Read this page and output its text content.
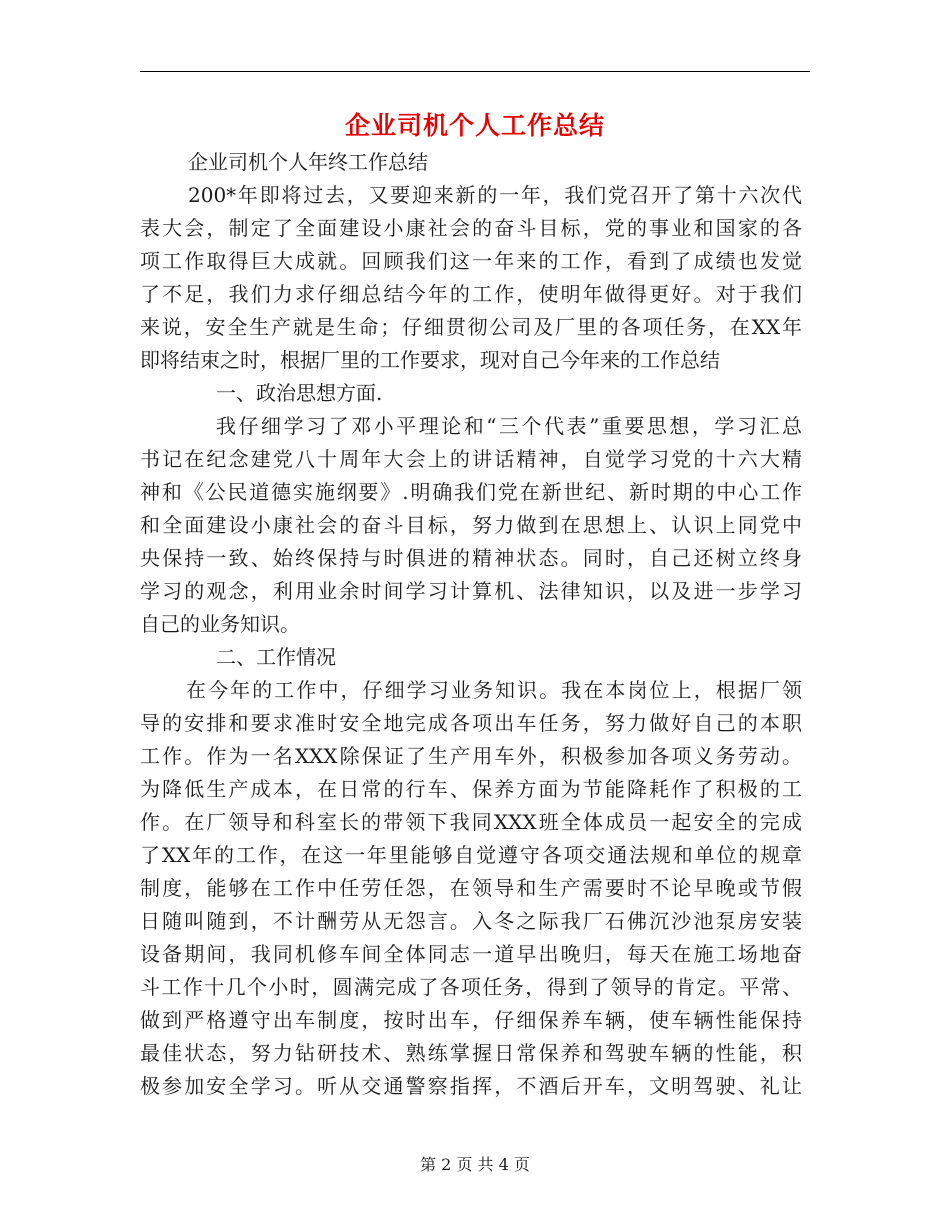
企业司机个人工作总结
企业司机个人年终工作总结
200*年即将过去，又要迎来新的一年，我们党召开了第十六次代
表大会，制定了全面建设小康社会的奋斗目标，党的事业和国家的各
项工作取得巨大成就。回顾我们这一年来的工作，看到了成绩也发觉
了不足，我们力求仔细总结今年的工作，使明年做得更好。对于我们
来说，安全生产就是生命；仔细贯彻公司及厂里的各项任务，在XX年
即将结束之时，根据厂里的工作要求，现对自己今年来的工作总结
一、政治思想方面.
我仔细学习了邓小平理论和“三个代表”重要思想，学习汇总
书记在纪念建党八十周年大会上的讲话精神，自觉学习党的十六大精
神和《公民道德实施纲要》.明确我们党在新世纪、新时期的中心工作
和全面建设小康社会的奋斗目标，努力做到在思想上、认识上同党中
央保持一致、始终保持与时俱进的精神状态。同时，自己还树立终身
学习的观念，利用业余时间学习计算机、法律知识，以及进一步学习
自己的业务知识。
二、工作情况
在今年的工作中，仔细学习业务知识。我在本岗位上，根据厂领
导的安排和要求准时安全地完成各项出车任务，努力做好自己的本职
工作。作为一名XXX除保证了生产用车外，积极参加各项义务劳动。
为降低生产成本，在日常的行车、保养方面为节能降耗作了积极的工
作。在厂领导和科室长的带领下我同XXX班全体成员一起安全的完成
了XX年的工作，在这一年里能够自觉遵守各项交通法规和单位的规章
制度，能够在工作中任劳任怨，在领导和生产需要时不论早晚或节假
日随叫随到，不计酬劳从无怨言。入冬之际我厂石佛沉沙池泵房安装
设备期间，我同机修车间全体同志一道早出晚归，每天在施工场地奋
斗工作十几个小时，圆满完成了各项任务，得到了领导的肯定。平常、
做到严格遵守出车制度，按时出车，仔细保养车辆，使车辆性能保持
最佳状态，努力钻研技术、熟练掌握日常保养和驾驶车辆的性能，积
极参加安全学习。听从交通警察指挥，不酒后开车，文明驾驶、礼让
第 2 页 共 4 页
